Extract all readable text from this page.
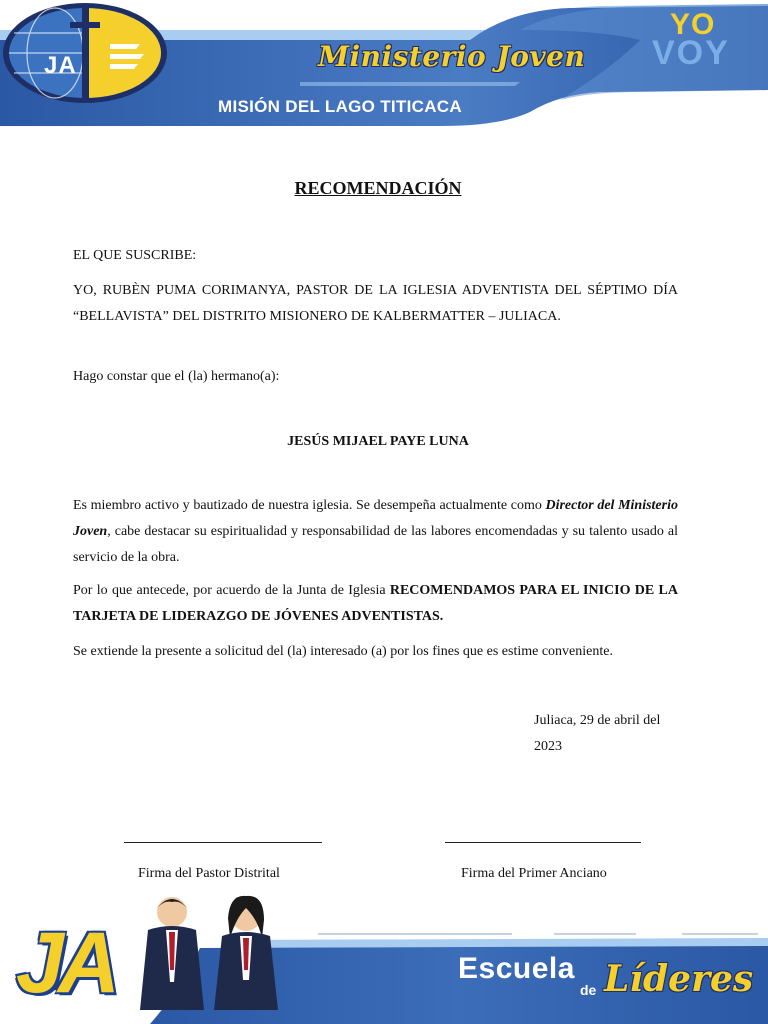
JA	Ministerio Joven
MISIÓN DEL LAGO TITICACA
YO
VOY
RECOMENDACIÓN
EL QUE SUSCRIBE:
YO, RUBÈN PUMA CORIMANYA, PASTOR DE LA IGLESIA ADVENTISTA DEL SÉPTIMO DÍA “BELLAVISTA” DEL DISTRITO MISIONERO DE KALBERMATTER – JULIACA.
Hago constar que el (la) hermano(a):
JESÚS MIJAEL PAYE LUNA
Es miembro activo y bautizado de nuestra iglesia. Se desempeña actualmente como Director del Ministerio Joven, cabe destacar su espiritualidad y responsabilidad de las labores encomendadas y su talento usado al servicio de la obra.
Por lo que antecede, por acuerdo de la Junta de Iglesia RECOMENDAMOS PARA EL INICIO DE LA TARJETA DE LIDERAZGO DE JÓVENES ADVENTISTAS.
Se extiende la presente a solicitud del (la) interesado (a) por los fines que es estime conveniente.
Juliaca, 29 de abril del
2023
Firma del Pastor Distrital	Firma del Primer Anciano
JA	Escuela
de Líderes
